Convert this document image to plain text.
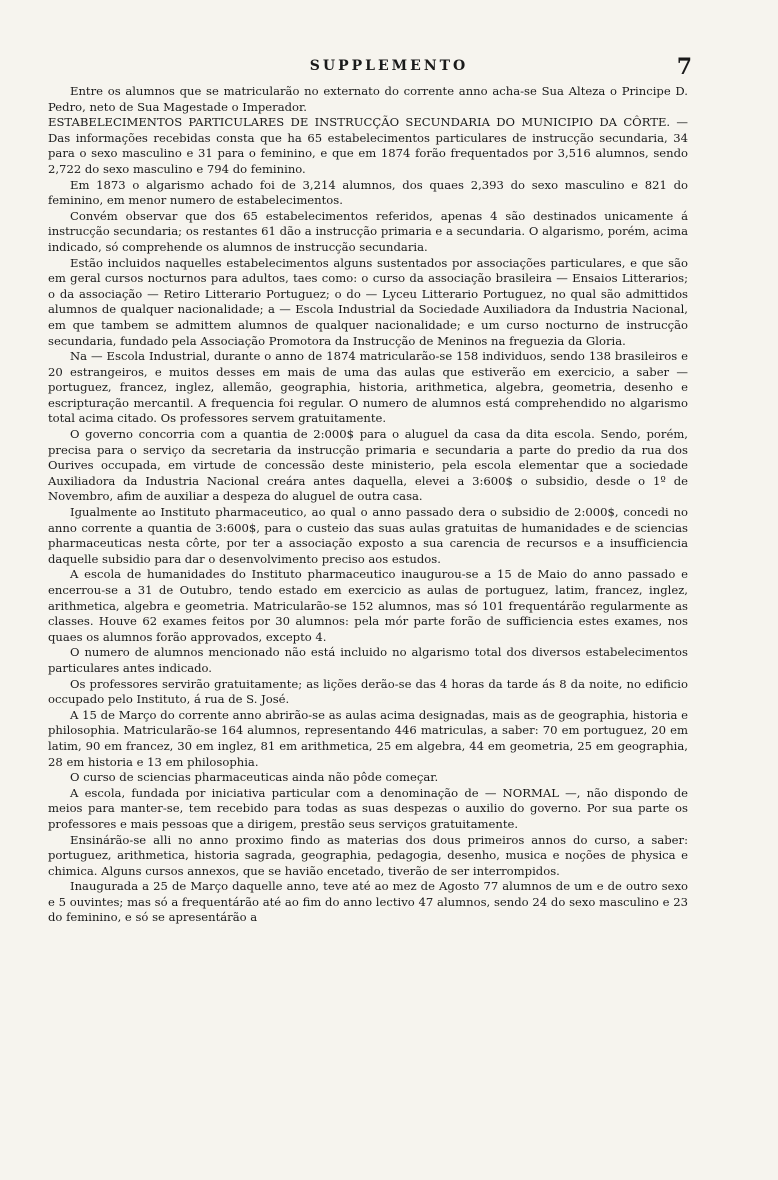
SUPPLEMENTO	7

Entre os alumnos que se matricularão no externato do corrente anno acha-se Sua Alteza o Principe D. Pedro, neto de Sua Magestade o Imperador.

ESTABELECIMENTOS PARTICULARES DE INSTRUCÇÃO SECUNDARIA DO MUNICIPIO DA CÔRTE. — Das informações recebidas consta que ha 65 estabelecimentos particulares de instrucção secundaria, 34 para o sexo masculino e 31 para o feminino, e que em 1874 forão frequentados por 3,516 alumnos, sendo 2,722 do sexo masculino e 794 do feminino.

Em 1873 o algarismo achado foi de 3,214 alumnos, dos quaes 2,393 do sexo masculino e 821 do feminino, em menor numero de estabelecimentos.

Convém observar que dos 65 estabelecimentos referidos, apenas 4 são destinados unicamente á instrucção secundaria; os restantes 61 dão a instrucção primaria e a secundaria. O algarismo, porém, acima indicado, só comprehende os alumnos de instrucção secundaria.

Estão incluidos naquelles estabelecimentos alguns sustentados por associações particulares, e que são em geral cursos nocturnos para adultos, taes como: o curso da associação brasileira — Ensaios Litterarios; o da associação — Retiro Litterario Portuguez; o do — Lyceu Litterario Portuguez, no qual são admittidos alumnos de qualquer nacionalidade; a — Escola Industrial da Sociedade Auxiliadora da Industria Nacional, em que tambem se admittem alumnos de qualquer nacionalidade; e um curso nocturno de instrucção secundaria, fundado pela Associação Promotora da Instrucção de Meninos na freguezia da Gloria.

Na — Escola Industrial, durante o anno de 1874 matricularão-se 158 individuos, sendo 138 brasileiros e 20 estrangeiros, e muitos desses em mais de uma das aulas que estiverão em exercicio, a saber — portuguez, francez, inglez, allemão, geographia, historia, arithmetica, algebra, geometria, desenho e escripturação mercantil. A frequencia foi regular. O numero de alumnos está comprehendido no algarismo total acima citado. Os professores servem gratuitamente.

O governo concorria com a quantia de 2:000$ para o aluguel da casa da dita escola. Sendo, porém, precisa para o serviço da secretaria da instrucção primaria e secundaria a parte do predio da rua dos Ourives occupada, em virtude de concessão deste ministerio, pela escola elementar que a sociedade Auxiliadora da Industria Nacional creára antes daquella, elevei a 3:600$ o subsidio, desde o 1º de Novembro, afim de auxiliar a despeza do aluguel de outra casa.

Igualmente ao Instituto pharmaceutico, ao qual o anno passado dera o subsidio de 2:000$, concedi no anno corrente a quantia de 3:600$, para o custeio das suas aulas gratuitas de humanidades e de sciencias pharmaceuticas nesta côrte, por ter a associação exposto a sua carencia de recursos e a insufficiencia daquelle subsidio para dar o desenvolvimento preciso aos estudos.

A escola de humanidades do Instituto pharmaceutico inaugurou-se a 15 de Maio do anno passado e encerrou-se a 31 de Outubro, tendo estado em exercicio as aulas de portuguez, latim, francez, inglez, arithmetica, algebra e geometria. Matricularão-se 152 alumnos, mas só 101 frequentárão regularmente as classes. Houve 62 exames feitos por 30 alumnos: pela mór parte forão de sufficiencia estes exames, nos quaes os alumnos forão approvados, excepto 4.

O numero de alumnos mencionado não está incluido no algarismo total dos diversos estabelecimentos particulares antes indicado.

Os professores servirão gratuitamente; as lições derão-se das 4 horas da tarde ás 8 da noite, no edificio occupado pelo Instituto, á rua de S. José.

A 15 de Março do corrente anno abrirão-se as aulas acima designadas, mais as de geographia, historia e philosophia. Matricularão-se 164 alumnos, representando 446 matriculas, a saber: 70 em portuguez, 20 em latim, 90 em francez, 30 em inglez, 81 em arithmetica, 25 em algebra, 44 em geometria, 25 em geographia, 28 em historia e 13 em philosophia.

O curso de sciencias pharmaceuticas ainda não pôde começar.

A escola, fundada por iniciativa particular com a denominação de — NORMAL —, não dispondo de meios para manter-se, tem recebido para todas as suas despezas o auxilio do governo. Por sua parte os professores e mais pessoas que a dirigem, prestão seus serviços gratuitamente.

Ensinárão-se alli no anno proximo findo as materias dos dous primeiros annos do curso, a saber: portuguez, arithmetica, historia sagrada, geographia, pedagogia, desenho, musica e noções de physica e chimica. Alguns cursos annexos, que se havião encetado, tiverão de ser interrompidos.

Inaugurada a 25 de Março daquelle anno, teve até ao mez de Agosto 77 alumnos de um e de outro sexo e 5 ouvintes; mas só a frequentárão até ao fim do anno lectivo 47 alumnos, sendo 24 do sexo masculino e 23 do feminino, e só se apresentárão a
